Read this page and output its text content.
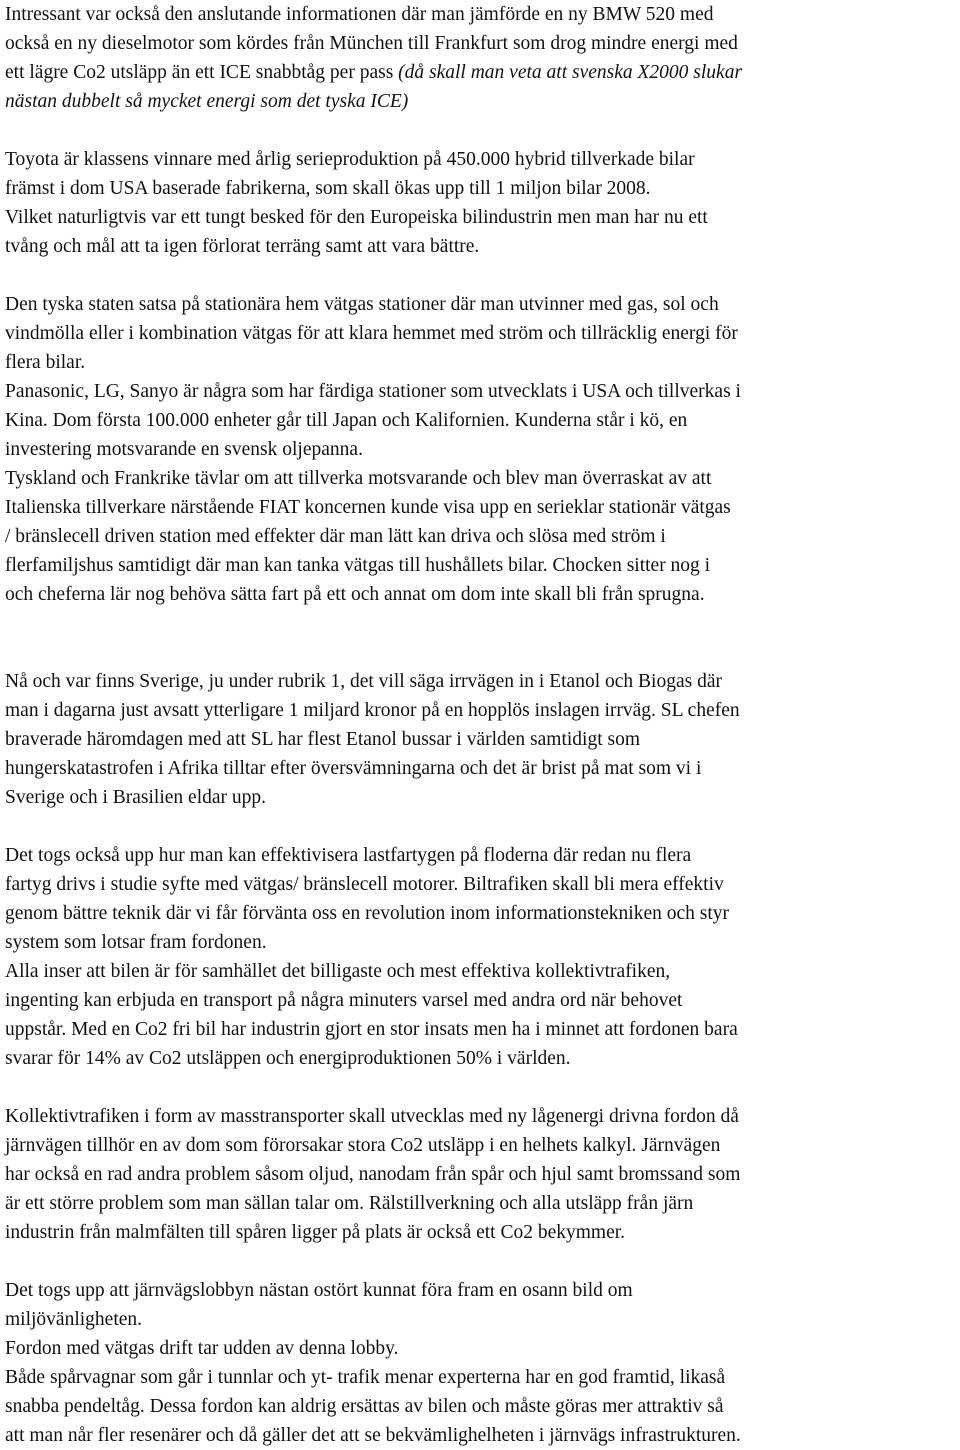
Intressant var också den anslutande informationen där man jämförde en ny BMW 520 med
också en ny dieselmotor som kördes från München till Frankfurt som drog mindre energi med
ett lägre Co2 utsläpp än ett ICE snabbtåg per pass (då skall man veta att svenska X2000 slukar
nästan dubbelt så mycket energi som det tyska ICE)
Toyota är klassens vinnare med årlig serieproduktion på 450.000 hybrid tillverkade bilar
främst i dom USA baserade fabrikerna, som skall ökas upp till 1 miljon bilar 2008.
Vilket naturligtvis var ett tungt besked för den Europeiska bilindustrin men man har nu ett
tvång och mål att ta igen förlorat terräng samt att vara bättre.
Den tyska staten satsa på stationära hem vätgas stationer där man utvinner med gas, sol och
vindmölla eller i kombination vätgas för att klara hemmet med ström och tillräcklig energi för
flera bilar.
Panasonic, LG, Sanyo är några som har färdiga stationer som utvecklats i USA och tillverkas i
Kina. Dom första 100.000 enheter går till Japan och Kalifornien. Kunderna står i kö, en
investering motsvarande en svensk oljepanna.
Tyskland och Frankrike tävlar om att tillverka motsvarande och blev man överraskat av att
Italienska tillverkare närstående FIAT koncernen kunde visa upp en serieklar stationär vätgas
/ bränslecell driven station med effekter där man lätt kan driva och slösa med ström i
flerfamiljshus samtidigt där man kan tanka vätgas till hushållets bilar. Chocken sitter nog i
och cheferna lär nog behöva sätta fart på ett och annat om dom inte skall bli från sprugna.
Nå och var finns Sverige, ju under rubrik 1, det vill säga irrvägen in i Etanol och Biogas där
man i dagarna just avsatt ytterligare 1 miljard kronor på en hopplös inslagen irrväg. SL chefen
braverade häromdagen med att SL har flest Etanol bussar i världen samtidigt som
hungerskatastrofen i Afrika tilltar efter översvämningarna och det är brist på mat som vi i
Sverige och i Brasilien eldar upp.
Det togs också upp hur man kan effektivisera lastfartygen på floderna där redan nu flera
fartyg drivs i studie syfte med vätgas/ bränslecell motorer. Biltrafiken skall bli mera effektiv
genom bättre teknik där vi får förvänta oss en revolution inom informationstekniken och styr
system som lotsar fram fordonen.
Alla inser att bilen är för samhället det billigaste och mest effektiva kollektivtrafiken,
ingenting kan erbjuda en transport på några minuters varsel med andra ord när behovet
uppstår. Med en Co2 fri bil har industrin gjort en stor insats men ha i minnet att fordonen bara
svarar för 14% av Co2 utsläppen och energiproduktionen 50% i världen.
Kollektivtrafiken i form av masstransporter skall utvecklas med ny lågenergi drivna fordon då
järnvägen tillhör en av dom som förorsakar stora Co2 utsläpp i en helhets kalkyl. Järnvägen
har också en rad andra problem såsom oljud, nanodam från spår och hjul samt bromssand som
är ett större problem som man sällan talar om. Rälstillverkning och alla utsläpp från järn
industrin från malmfälten till spåren ligger på plats är också ett Co2 bekymmer.
Det togs upp att järnvägslobbyn nästan ostört kunnat föra fram en osann bild om
miljövänligheten.
Fordon med vätgas drift tar udden av denna lobby.
Både spårvagnar som går i tunnlar och yt- trafik menar experterna har en god framtid, likaså
snabba pendeltåg. Dessa fordon kan aldrig ersättas av bilen och måste göras mer attraktiv så
att man når fler resenärer och då gäller det att se bekvämlighelheten i järnvägs infrastrukturen.
